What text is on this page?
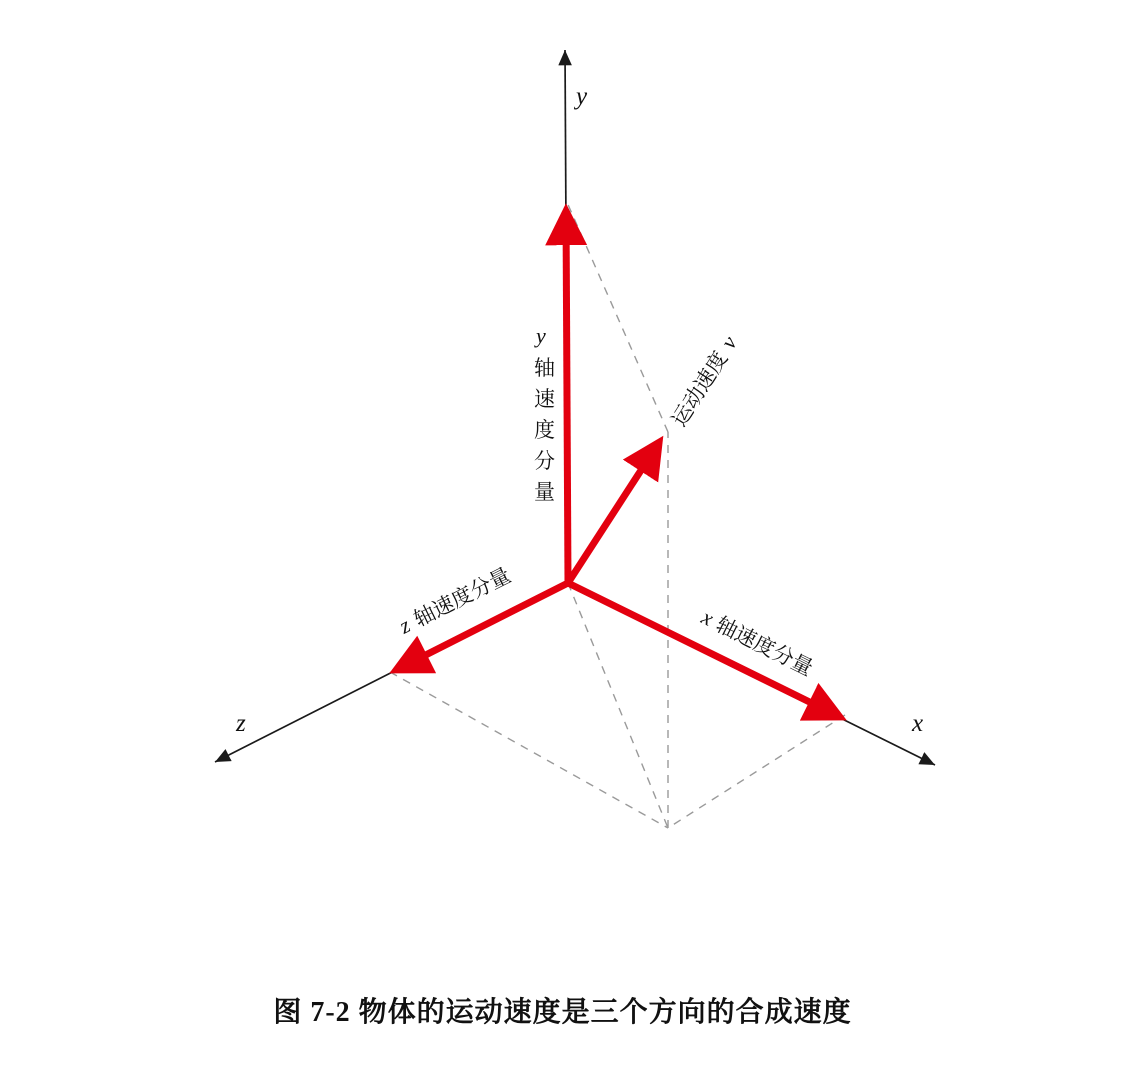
y
x
z
y
轴
速
度
分
量
x
轴速度分量
z
轴速度分量
运动速度
v
图 7-2 物体的运动速度是三个方向的合成速度
